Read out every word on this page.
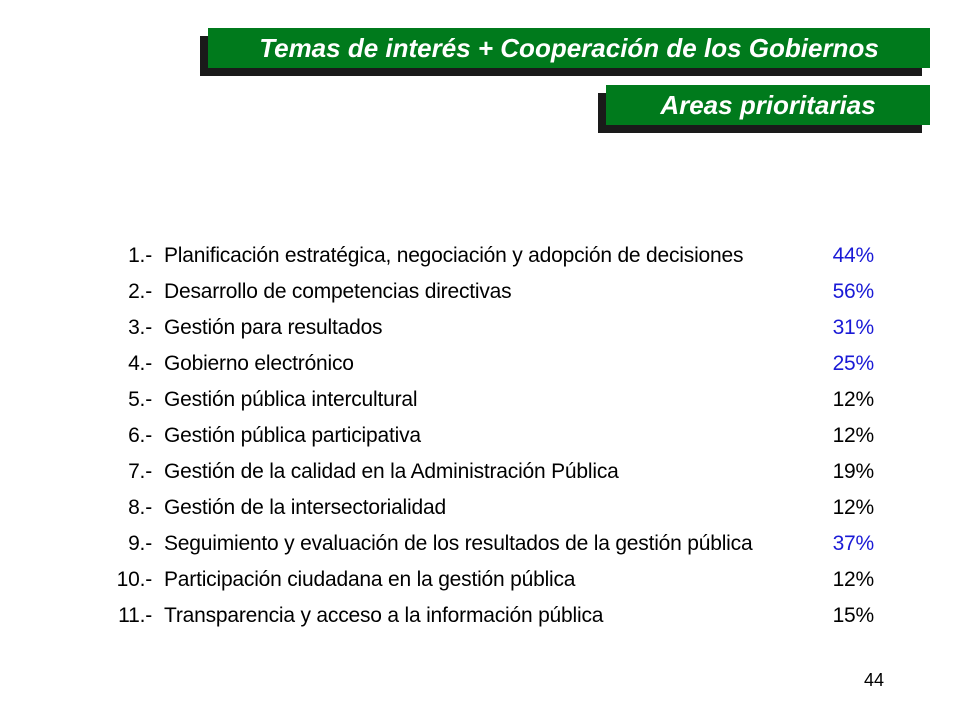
Temas de interés + Cooperación de los Gobiernos
Areas prioritarias
1.- Planificación estratégica, negociación y adopción de decisiones	44%
2.- Desarrollo de competencias directivas	56%
3.- Gestión para resultados	31%
4.- Gobierno electrónico	25%
5.- Gestión pública intercultural	12%
6.- Gestión pública participativa	12%
7.- Gestión de la calidad en la Administración Pública	19%
8.- Gestión de la intersectorialidad	12%
9.- Seguimiento y evaluación de los resultados de la gestión pública	37%
10.- Participación ciudadana en la gestión pública	12%
11.- Transparencia y acceso a la información pública	15%
44
